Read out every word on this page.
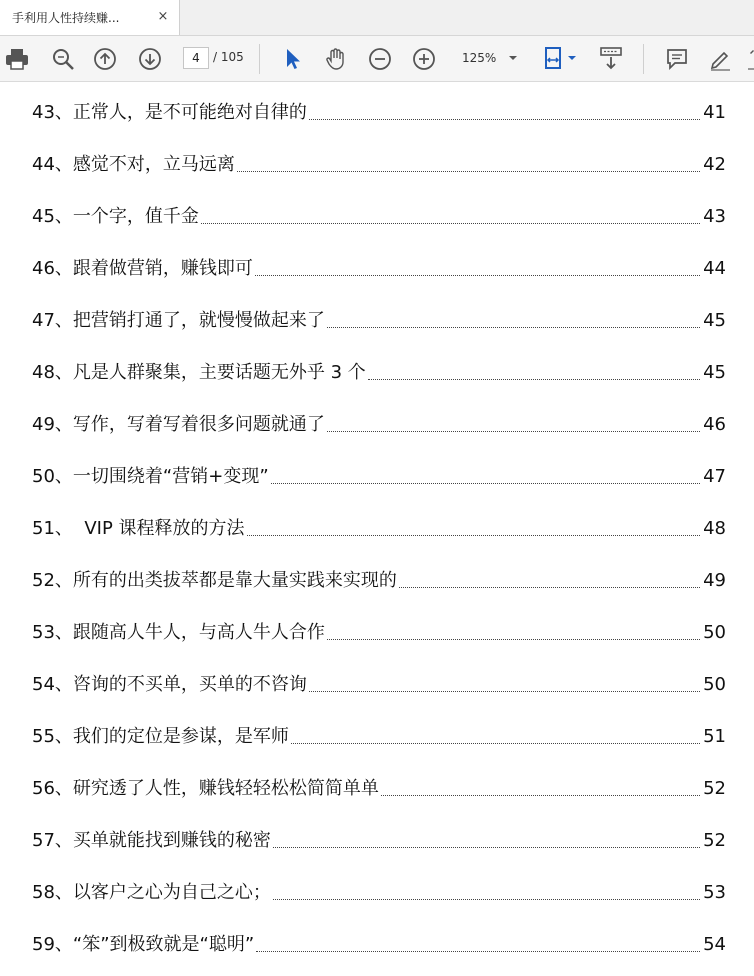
手利用人性持续赚...	×
4	/ 105	125%
43、 正常人，是不可能绝对自律的	41
44、 感觉不对，立马远离	42
45、 一个字，值千金	43
46、 跟着做营销，赚钱即可	44
47、 把营销打通了，就慢慢做起来了	45
48、 凡是人群聚集，主要话题无外乎 3 个	45
49、 写作，写着写着很多问题就通了	46
50、 一切围绕着“营销+变现”	47
51、 VIP 课程释放的方法	48
52、 所有的出类拔萃都是靠大量实践来实现的	49
53、 跟随高人牛人，与高人牛人合作	50
54、 咨询的不买单，买单的不咨询	50
55、 我们的定位是参谋，是军师	51
56、 研究透了人性，赚钱轻轻松松简简单单	52
57、 买单就能找到赚钱的秘密	52
58、 以客户之心为自己之心；	53
59、 “笨”到极致就是“聪明”	54
